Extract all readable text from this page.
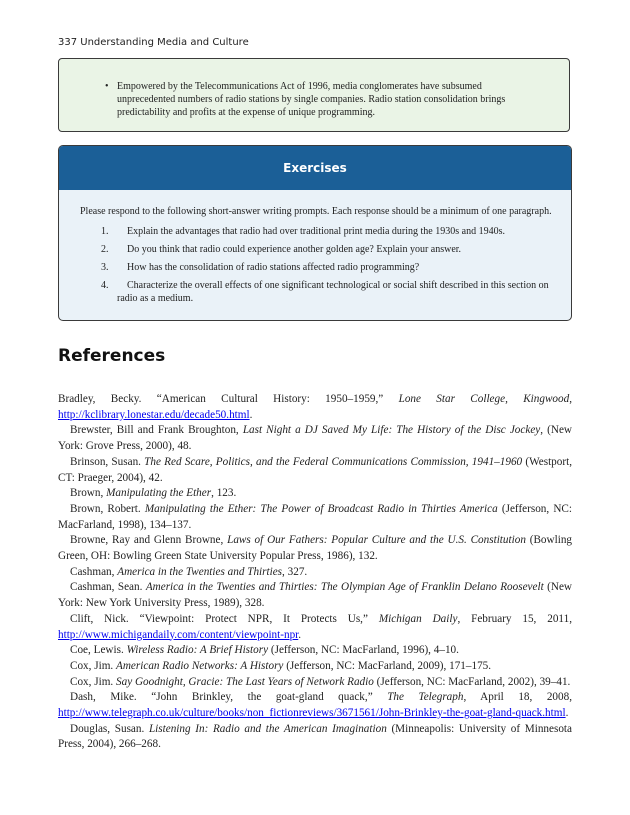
337 Understanding Media and Culture
• Empowered by the Telecommunications Act of 1996, media conglomerates have subsumed unprecedented numbers of radio stations by single companies. Radio station consolidation brings predictability and profits at the expense of unique programming.
Exercises
Please respond to the following short-answer writing prompts. Each response should be a minimum of one paragraph.
1. Explain the advantages that radio had over traditional print media during the 1930s and 1940s.
2. Do you think that radio could experience another golden age? Explain your answer.
3. How has the consolidation of radio stations affected radio programming?
4. Characterize the overall effects of one significant technological or social shift described in this section on radio as a medium.
References

Bradley, Becky. “American Cultural History: 1950–1959,” Lone Star College, Kingwood, http://kclibrary.lonestar.edu/decade50.html.

Brewster, Bill and Frank Broughton, Last Night a DJ Saved My Life: The History of the Disc Jockey, (New York: Grove Press, 2000), 48.

Brinson, Susan. The Red Scare, Politics, and the Federal Communications Commission, 1941–1960 (Westport, CT: Praeger, 2004), 42.

Brown, Manipulating the Ether, 123.

Brown, Robert. Manipulating the Ether: The Power of Broadcast Radio in Thirties America (Jefferson, NC: MacFarland, 1998), 134–137.

Browne, Ray and Glenn Browne, Laws of Our Fathers: Popular Culture and the U.S. Constitution (Bowling Green, OH: Bowling Green State University Popular Press, 1986), 132.

Cashman, America in the Twenties and Thirties, 327.

Cashman, Sean. America in the Twenties and Thirties: The Olympian Age of Franklin Delano Roosevelt (New York: New York University Press, 1989), 328.

Clift, Nick. “Viewpoint: Protect NPR, It Protects Us,” Michigan Daily, February 15, 2011, http://www.michigandaily.com/content/viewpoint-npr.

Coe, Lewis. Wireless Radio: A Brief History (Jefferson, NC: MacFarland, 1996), 4–10.

Cox, Jim. American Radio Networks: A History (Jefferson, NC: MacFarland, 2009), 171–175.

Cox, Jim. Say Goodnight, Gracie: The Last Years of Network Radio (Jefferson, NC: MacFarland, 2002), 39–41.

Dash, Mike. “John Brinkley, the goat-gland quack,” The Telegraph, April 18, 2008, http://www.telegraph.co.uk/culture/books/non_fictionreviews/3671561/John-Brinkley-the-goat-gland-quack.html.

Douglas, Susan. Listening In: Radio and the American Imagination (Minneapolis: University of Minnesota Press, 2004), 266–268.
